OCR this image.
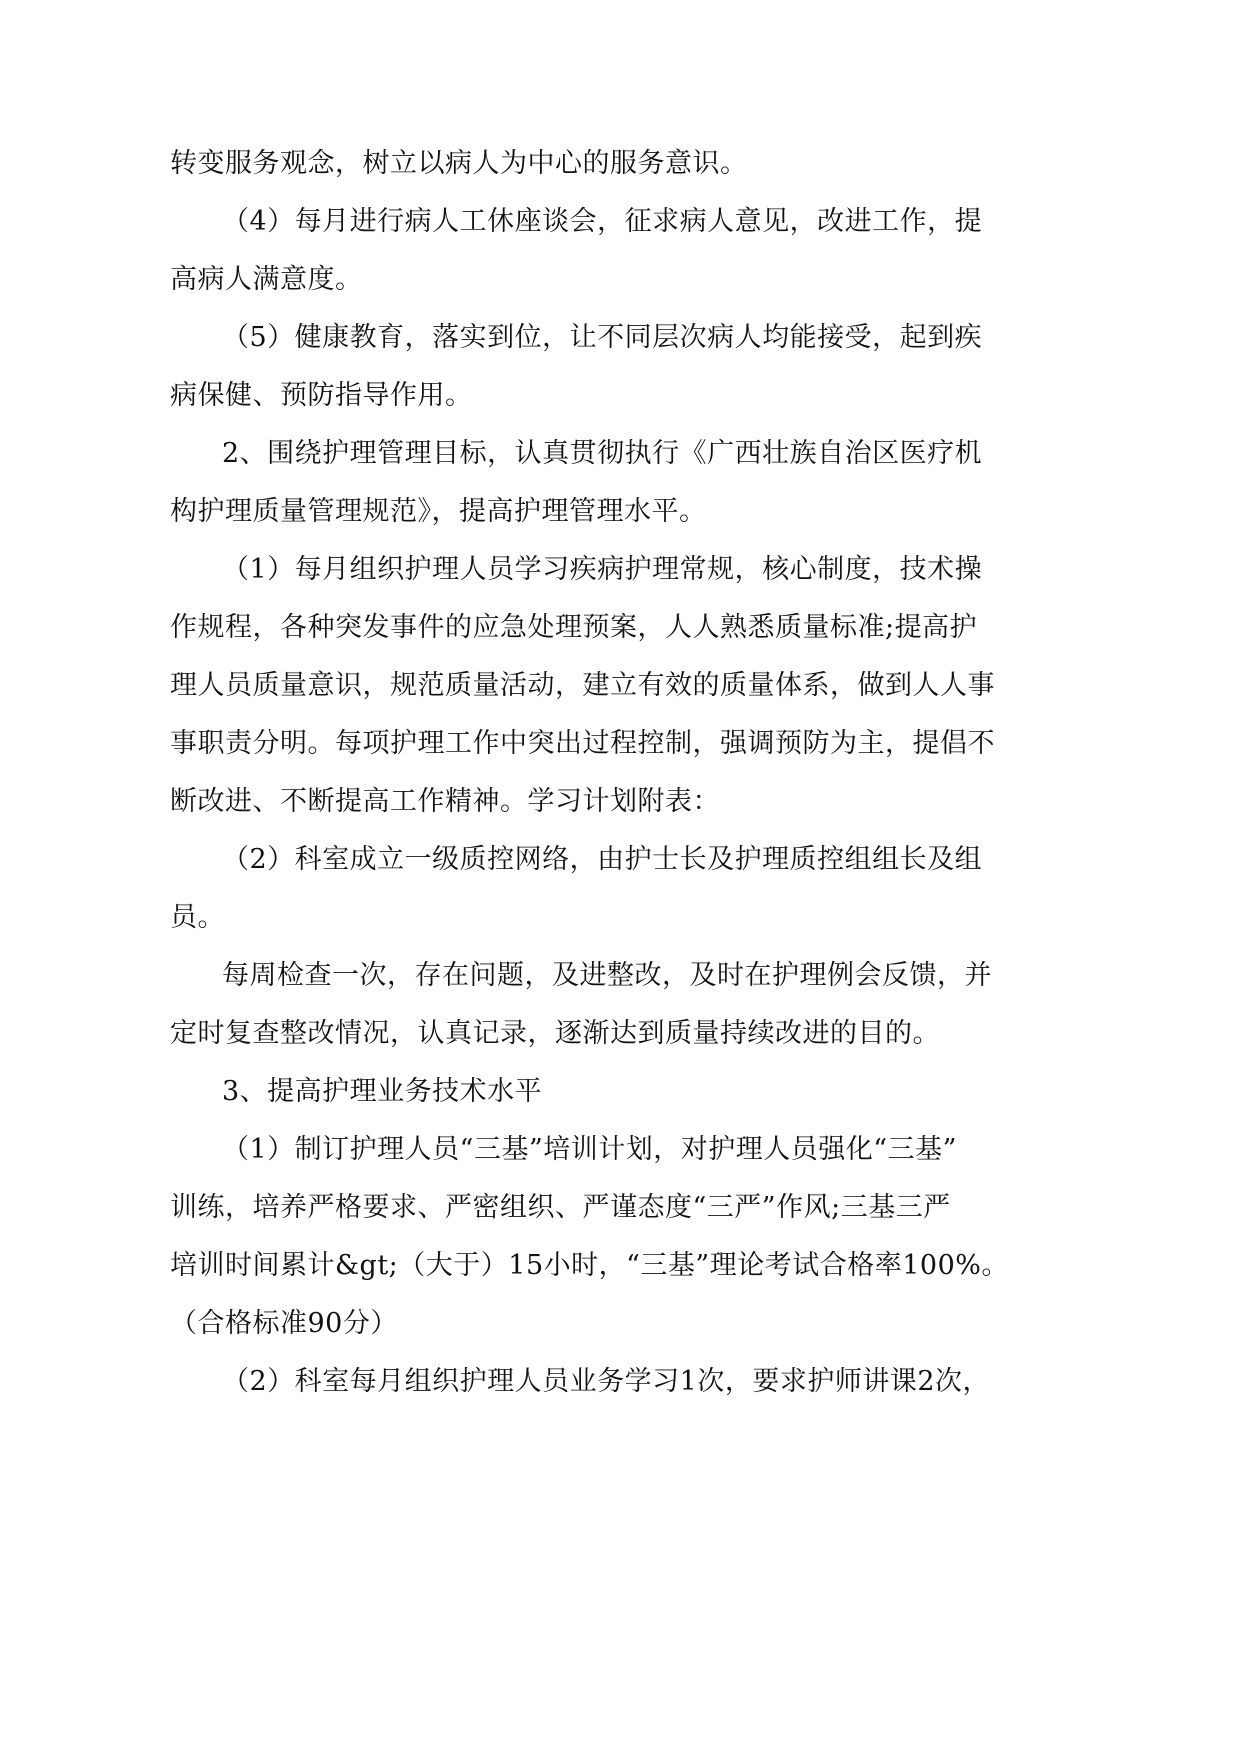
转变服务观念，树立以病人为中心的服务意识。
（4）每月进行病人工休座谈会，征求病人意见，改进工作，提
高病人满意度。
（5）健康教育，落实到位，让不同层次病人均能接受，起到疾
病保健、预防指导作用。
2、围绕护理管理目标，认真贯彻执行《广西壮族自治区医疗机
构护理质量管理规范》，提高护理管理水平。
（1）每月组织护理人员学习疾病护理常规，核心制度，技术操
作规程，各种突发事件的应急处理预案，人人熟悉质量标准;提高护
理人员质量意识，规范质量活动，建立有效的质量体系，做到人人事
事职责分明。每项护理工作中突出过程控制，强调预防为主，提倡不
断改进、不断提高工作精神。学习计划附表：
（2）科室成立一级质控网络，由护士长及护理质控组组长及组
员。
每周检查一次，存在问题，及进整改，及时在护理例会反馈，并
定时复查整改情况，认真记录，逐渐达到质量持续改进的目的。
3、提高护理业务技术水平
（1）制订护理人员“三基”培训计划，对护理人员强化“三基”
训练，培养严格要求、严密组织、严谨态度“三严”作风;三基三严
培训时间累计&gt;（大于）15小时，“三基”理论考试合格率100%。
（合格标准90分）
（2）科室每月组织护理人员业务学习1次，要求护师讲课2次，
